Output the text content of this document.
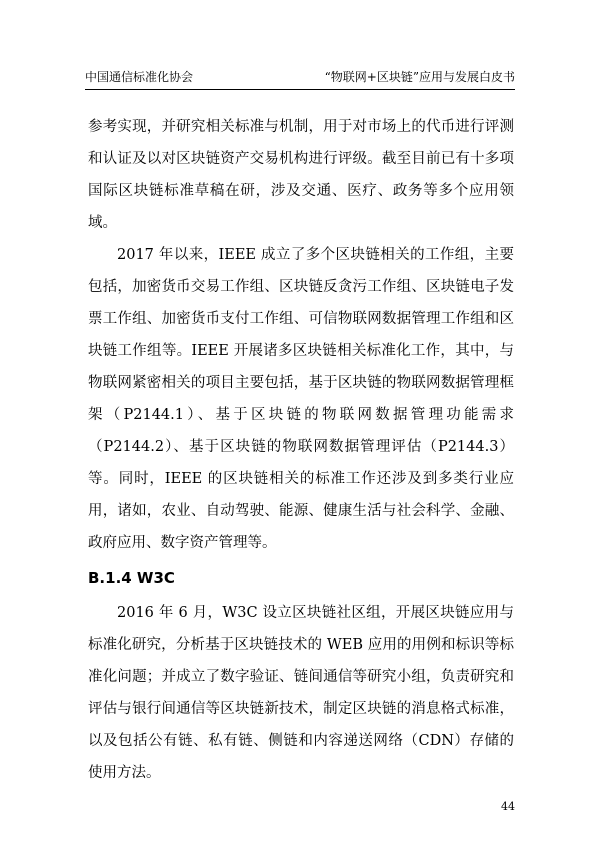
中国通信标准化协会	“物联网+区块链”应用与发展白皮书

参考实现，并研究相关标准与机制，用于对市场上的代币进行评测和认证及以对区块链资产交易机构进行评级。截至目前已有十多项国际区块链标准草稿在研，涉及交通、医疗、政务等多个应用领域。

2017 年以来，IEEE 成立了多个区块链相关的工作组，主要包括，加密货币交易工作组、区块链反贪污工作组、区块链电子发票工作组、加密货币支付工作组、可信物联网数据管理工作组和区块链工作组等。IEEE 开展诸多区块链相关标准化工作，其中，与物联网紧密相关的项目主要包括，基于区块链的物联网数据管理框架（P2144.1）、基于区块链的物联网数据管理功能需求（P2144.2）、基于区块链的物联网数据管理评估（P2144.3）等。同时，IEEE 的区块链相关的标准工作还涉及到多类行业应用，诸如，农业、自动驾驶、能源、健康生活与社会科学、金融、政府应用、数字资产管理等。

B.1.4 W3C

2016 年 6 月，W3C 设立区块链社区组，开展区块链应用与标准化研究，分析基于区块链技术的 WEB 应用的用例和标识等标准化问题；并成立了数字验证、链间通信等研究小组，负责研究和评估与银行间通信等区块链新技术，制定区块链的消息格式标准，以及包括公有链、私有链、侧链和内容递送网络（CDN）存储的使用方法。

44
